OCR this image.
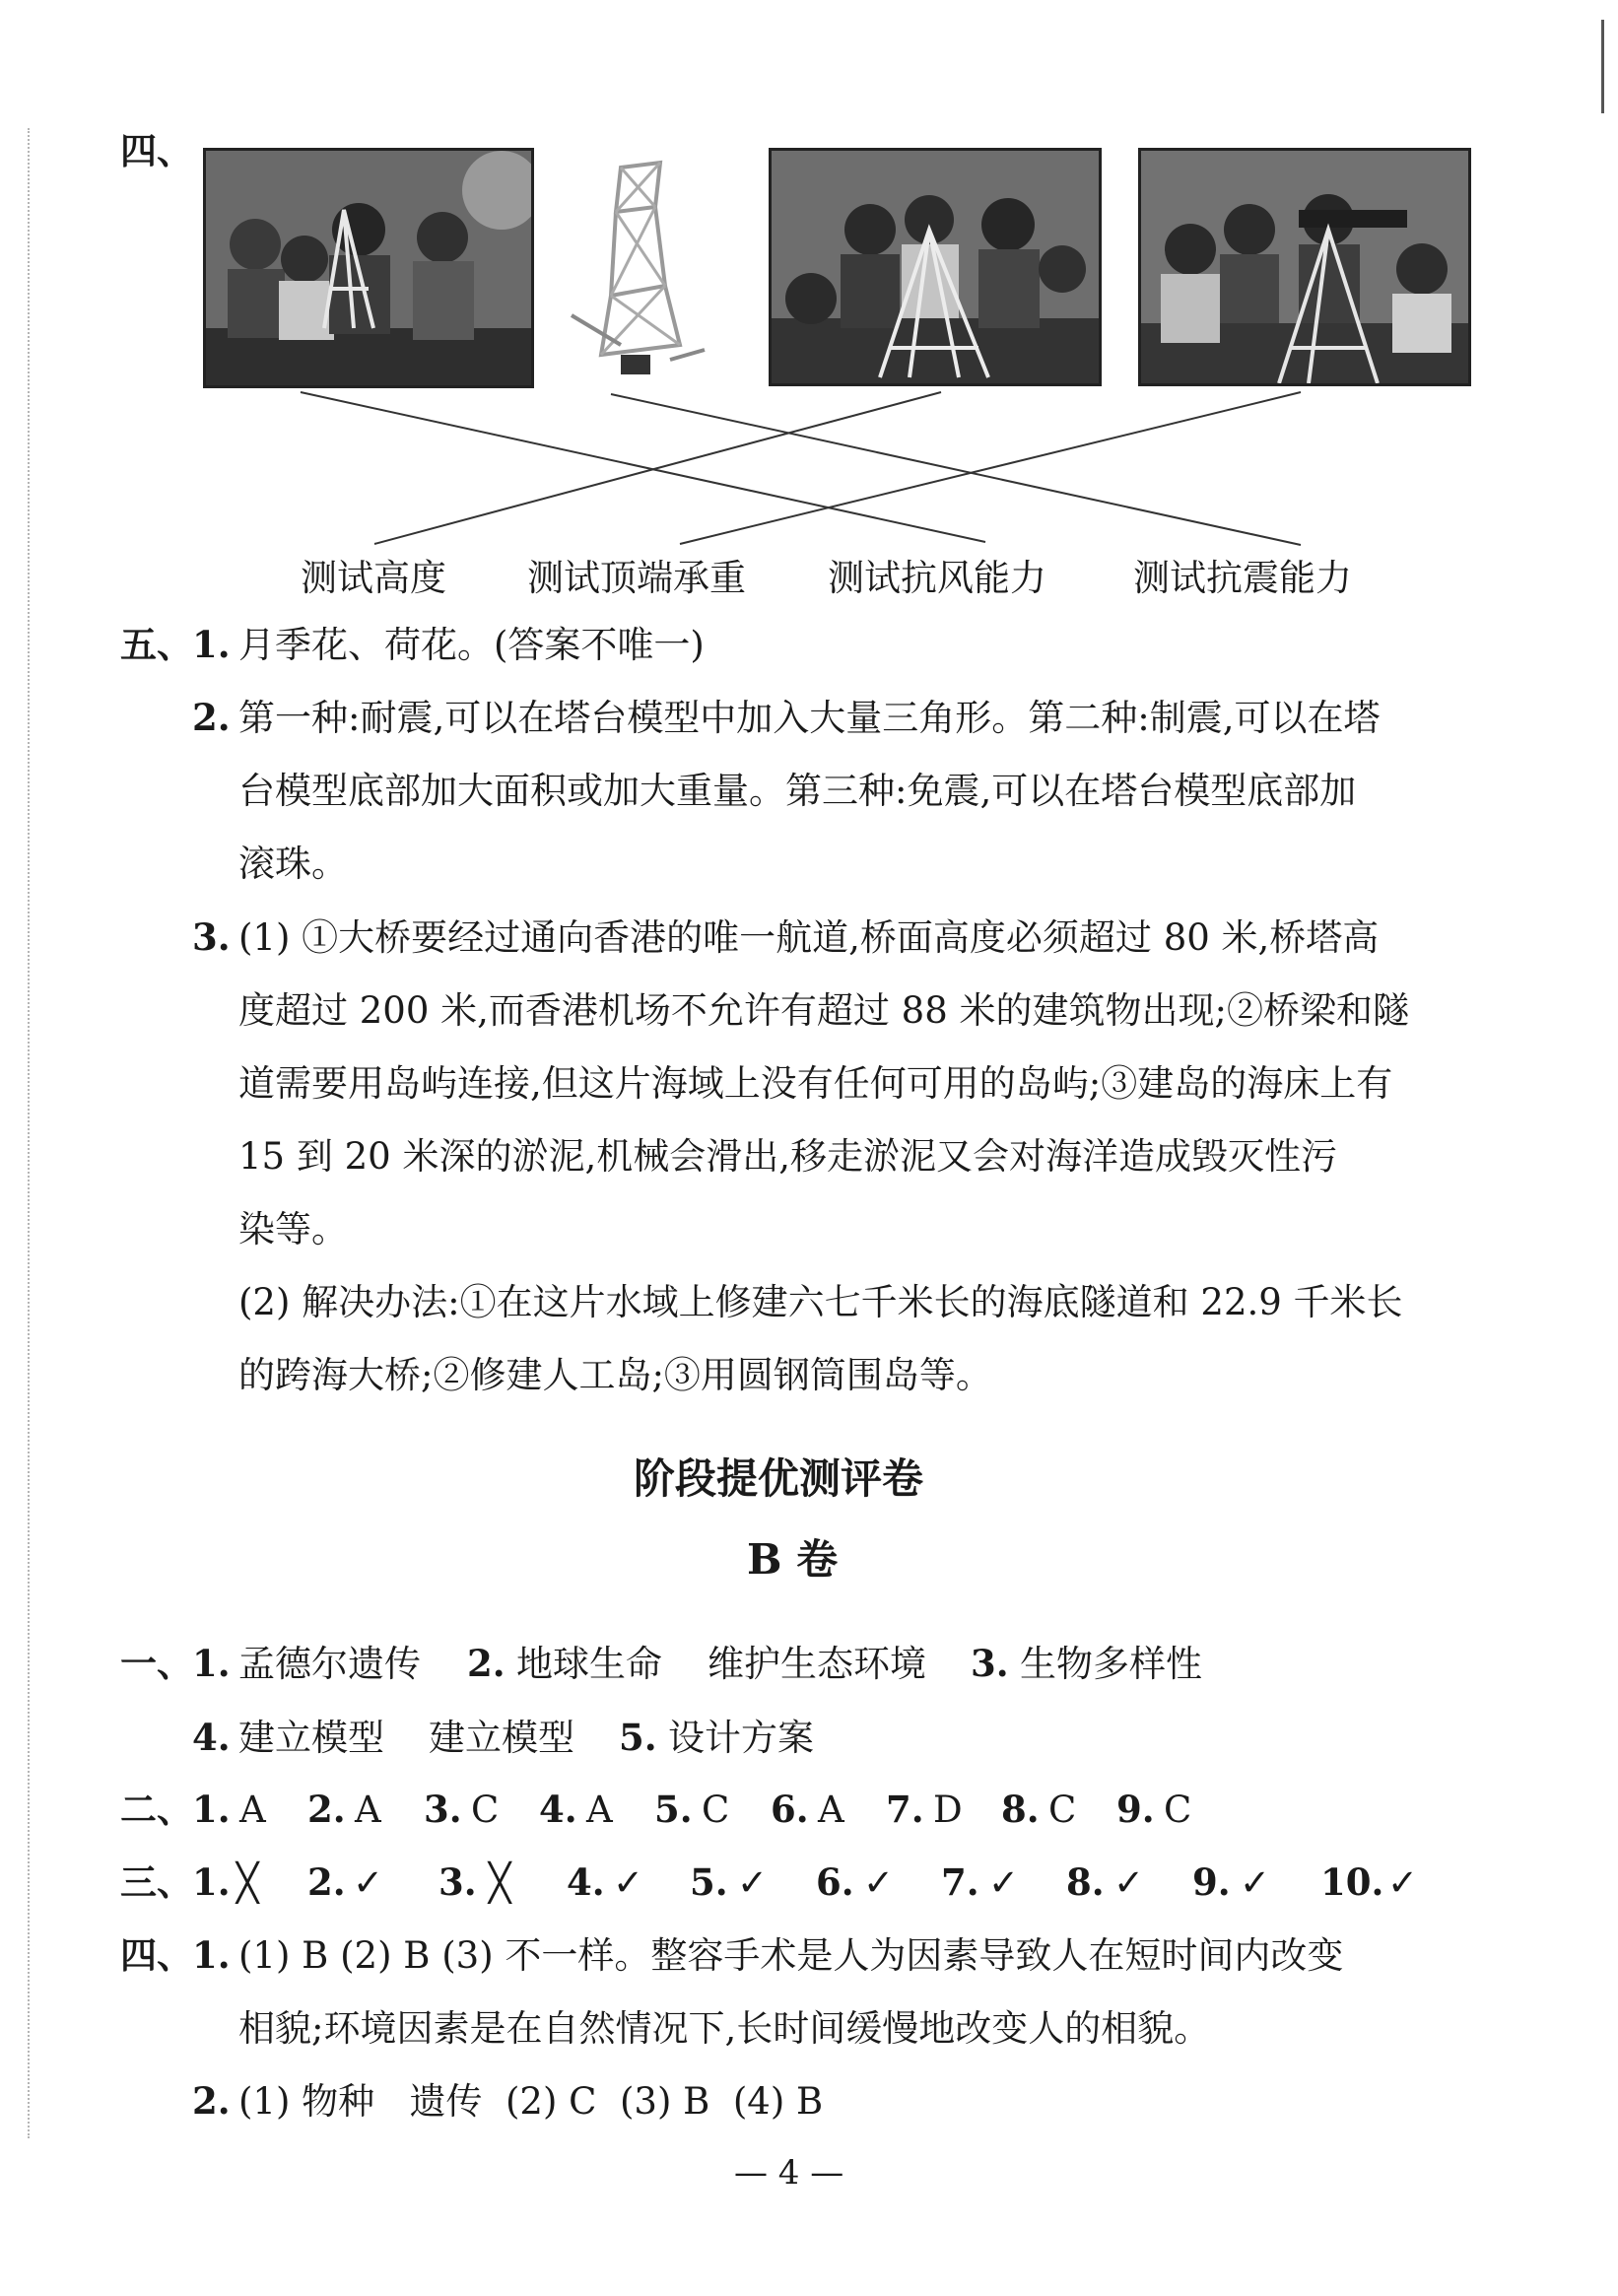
四、
测试高度 测试顶端承重 测试抗风能力 测试抗震能力
五、 1. 月季花、荷花。(答案不唯一)
2. 第一种:耐震,可以在塔台模型中加入大量三角形。第二种:制震,可以在塔
台模型底部加大面积或加大重量。第三种:免震,可以在塔台模型底部加
滚珠。
3. (1) ①大桥要经过通向香港的唯一航道,桥面高度必须超过 80 米,桥塔高
度超过 200 米,而香港机场不允许有超过 88 米的建筑物出现;②桥梁和隧
道需要用岛屿连接,但这片海域上没有任何可用的岛屿;③建岛的海床上有
15 到 20 米深的淤泥,机械会滑出,移走淤泥又会对海洋造成毁灭性污
染等。
(2) 解决办法:①在这片水域上修建六七千米长的海底隧道和 22.9 千米长
的跨海大桥;②修建人工岛;③用圆钢筒围岛等。
阶段提优测评卷
B 卷
一、 1. 孟德尔遗传 2. 地球生命 维护生态环境 3. 生物多样性
4. 建立模型 建立模型 5. 设计方案
二、 1. A 2. A 3. C 4. A 5. C 6. A 7. D 8. C 9. C
三、 1. ╳ 2. ✓ 3. ╳ 4. ✓ 5. ✓ 6. ✓ 7. ✓ 8. ✓ 9. ✓ 10. ✓
四、 1. (1) B (2) B (3) 不一样。整容手术是人为因素导致人在短时间内改变
相貌;环境因素是在自然情况下,长时间缓慢地改变人的相貌。
2. (1) 物种   遗传  (2) C  (3) B  (4) B
— 4 —
